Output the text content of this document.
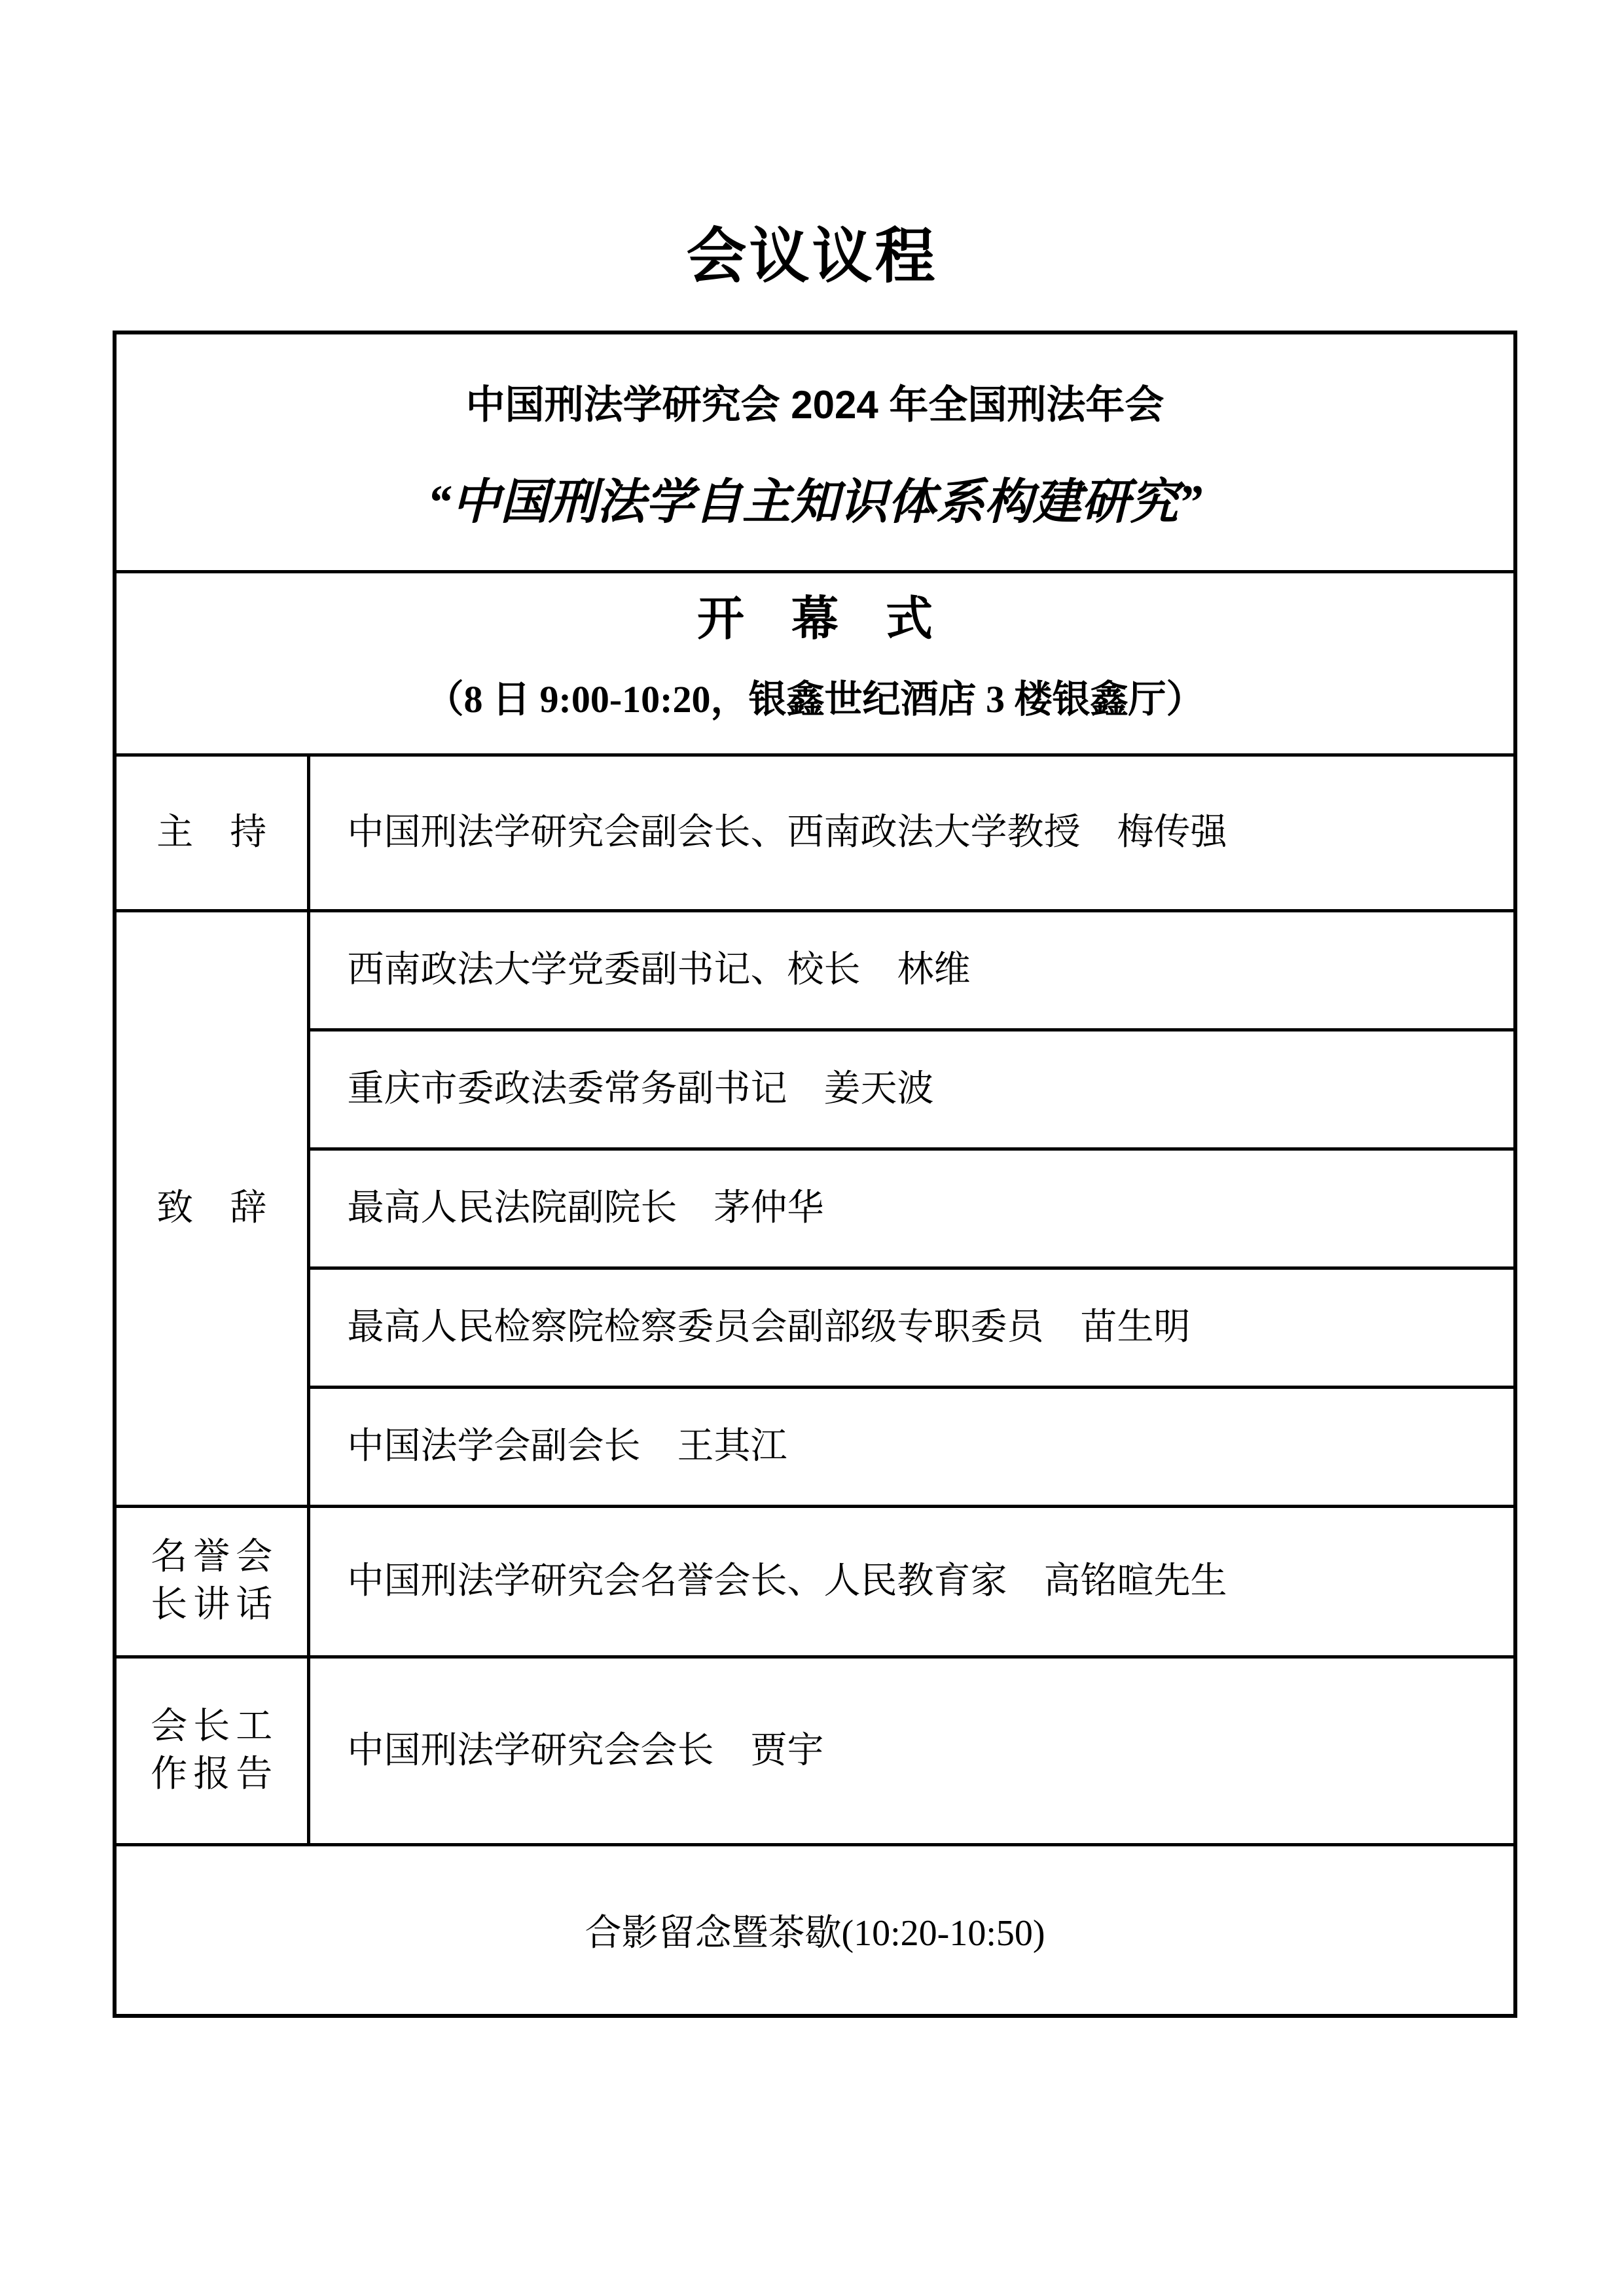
会议议程
中国刑法学研究会 2024 年全国刑法年会
“中国刑法学自主知识体系构建研究”	

开　幕　式
（8 日 9:00-10:20，银鑫世纪酒店 3 楼银鑫厅）	

主　持	中国刑法学研究会副会长、西南政法大学教授　梅传强

致　辞	西南政法大学党委副书记、校长　林维

	重庆市委政法委常务副书记　姜天波

	最高人民法院副院长　茅仲华

	最高人民检察院检察委员会副部级专职委员　苗生明

	中国法学会副会长　王其江

名誉会
长讲话	中国刑法学研究会名誉会长、人民教育家　高铭暄先生

会长工
作报告	中国刑法学研究会会长　贾宇

合影留念暨茶歇(10:20-10:50)	
